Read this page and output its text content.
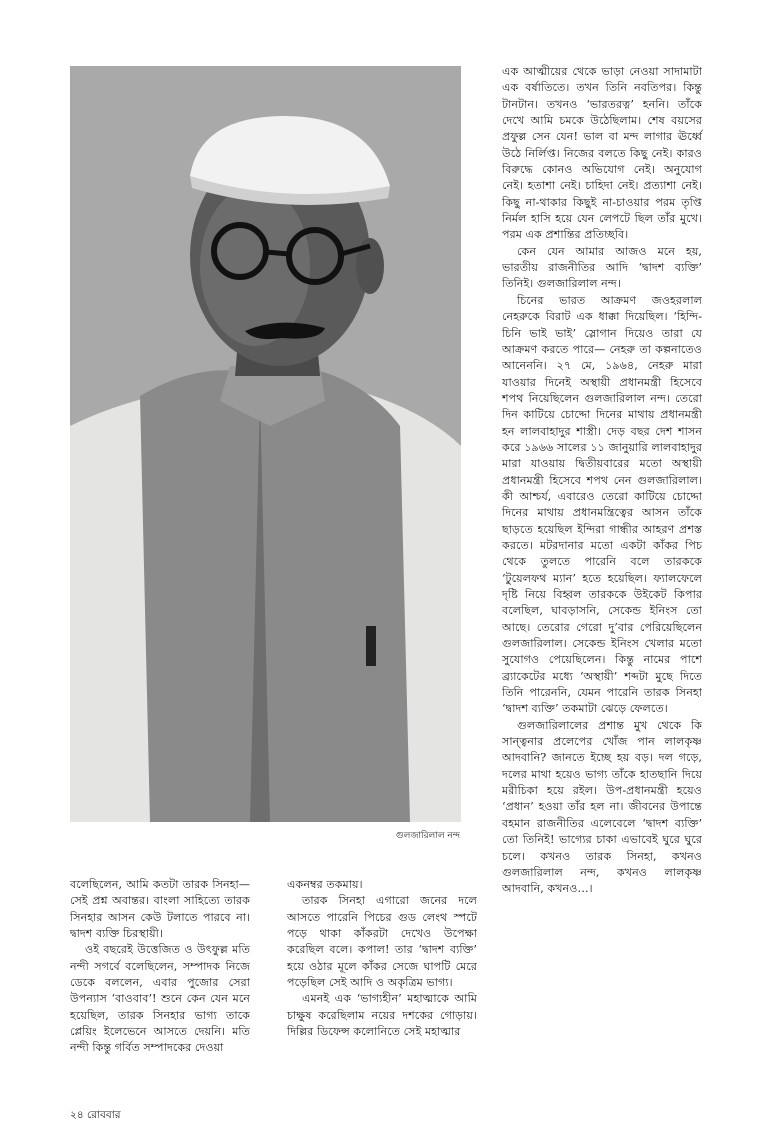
গুলজারিলাল নন্দ

এক আত্মীয়ের থেকে ভাড়া নেওয়া সাদামাটা এক বর্ষাতিতে। তখন তিনি নবতিপর। কিন্তু টানটান। তখনও ‘ভারতরত্ন’ হননি। তাঁকে দেখে আমি চমকে উঠেছিলাম। শেষ বয়সের প্রফুল্ল সেন যেন! ভাল বা মন্দ লাগার ঊর্ধ্বে উঠে নির্লিপ্ত। নিজের বলতে কিছু নেই। কারও বিরুদ্ধে কোনও অভিযোগ নেই। অনুযোগ নেই। হতাশা নেই। চাহিদা নেই। প্রত্যাশা নেই। কিছু না-থাকার কিছুই না-চাওয়ার পরম তৃপ্তি নির্মল হাসি হয়ে যেন লেপটে ছিল তাঁর মুখে। পরম এক প্রশান্তির প্রতিচ্ছবি।

কেন যেন আমার আজও মনে হয়, ভারতীয় রাজনীতির আদি ‘দ্বাদশ ব্যক্তি’ তিনিই। গুলজারিলাল নন্দ।

চিনের ভারত আক্রমণ জওহরলাল নেহরুকে বিরাট এক ধাক্কা দিয়েছিল। ‘হিন্দি-চিনি ভাই ভাই’ স্লোগান দিয়েও তারা যে আক্রমণ করতে পারে— নেহরু তা কল্পনাতেও আনেননি। ২৭ মে, ১৯৬৪, নেহরু মারা যাওয়ার দিনেই অস্থায়ী প্রধানমন্ত্রী হিসেবে শপথ নিয়েছিলেন গুলজারিলাল নন্দ। তেরো দিন কাটিয়ে চোদ্দো দিনের মাথায় প্রধানমন্ত্রী হন লালবাহাদুর শাস্ত্রী। দেড় বছর দেশ শাসন করে ১৯৬৬ সালের ১১ জানুয়ারি লালবাহাদুর মারা যাওয়ায় দ্বিতীয়বারের মতো অস্থায়ী প্রধানমন্ত্রী হিসেবে শপথ নেন গুলজারিলাল। কী আশ্চর্য, এবারেও তেরো কাটিয়ে চোদ্দো দিনের মাথায় প্রধানমন্ত্রিত্বের আসন তাঁকে ছাড়তে হয়েছিল ইন্দিরা গান্ধীর আহরণ প্রশস্ত করতে। মটরদানার মতো একটা কাঁকর পিচ থেকে তুলতে পারেনি বলে তারককে ‘টুয়েলফথ ম্যান’ হতে হয়েছিল। ফ্যালফেলে দৃষ্টি নিয়ে বিহ্বল তারককে উইকেট কিপার বলেছিল, ঘাবড়াসনি, সেকেন্ড ইনিংস তো আছে। তেরোর গেরো দু’বার পেরিয়েছিলেন গুলজারিলাল। সেকেন্ড ইনিংস খেলার মতো সুযোগও পেয়েছিলেন। কিন্তু নামের পাশে ব্র্যাকেটের মধ্যে ‘অস্থায়ী’ শব্দটা মুছে দিতে তিনি পারেননি, যেমন পারেনি তারক সিনহা ‘দ্বাদশ ব্যক্তি’ তকমাটা ঝেড়ে ফেলতে।

গুলজারিলালের প্রশান্ত মুখ থেকে কি সান্ত্বনার প্রলেপের খোঁজ পান লালকৃষ্ণ আদবানি? জানতে ইচ্ছে হয় বড়। দল গড়ে, দলের মাথা হয়েও ভাগ্য তাঁকে হাতছানি দিয়ে মরীচিকা হয়ে রইল। উপ-প্রধানমন্ত্রী হয়েও ‘প্রধান’ হওয়া তাঁর হল না। জীবনের উপান্তে বহমান রাজনীতির এলেবেলে ‘দ্বাদশ ব্যক্তি’ তো তিনিই! ভাগ্যের চাকা এভাবেই ঘুরে ঘুরে চলে। কখনও তারক সিনহা, কখনও গুলজারিলাল নন্দ, কখনও লালকৃষ্ণ আদবানি, কখনও…।

বলেছিলেন, আমি কতটা তারক সিনহা— সেই প্রশ্ন অবান্তর। বাংলা সাহিত্যে তারক সিনহার আসন কেউ টলাতে পারবে না। দ্বাদশ ব্যক্তি চিরস্থায়ী।

ওই বছরেই উত্তেজিত ও উৎফুল্ল মতি নন্দী সগর্বে বলেছিলেন, সম্পাদক নিজে ডেকে বললেন, এবার পুজোর সেরা উপন্যাস ‘বাওবাব’! শুনে কেন যেন মনে হয়েছিল, তারক সিনহার ভাগ্য তাকে প্লেয়িং ইলেভেনে আসতে দেয়নি। মতি নন্দী কিন্তু গর্বিত সম্পাদকের দেওয়া

একনম্বর তকমায়।

তারক সিনহা এগারো জনের দলে আসতে পারেনি পিচের গুড লেংথ স্পটে পড়ে থাকা কাঁকরটা দেখেও উপেক্ষা করেছিল বলে। কপাল! তার ‘দ্বাদশ ব্যক্তি’ হয়ে ওঠার মূলে কাঁকর সেজে ঘাপটি মেরে পড়েছিল সেই আদি ও অকৃত্রিম ভাগ্য।

এমনই এক ‘ভাগ্যহীন’ মহাত্মাকে আমি চাক্ষুষ করেছিলাম নয়ের দশকের গোড়ায়। দিল্লির ডিফেন্স কলোনিতে সেই মহাত্মার

২৪ রোববার
